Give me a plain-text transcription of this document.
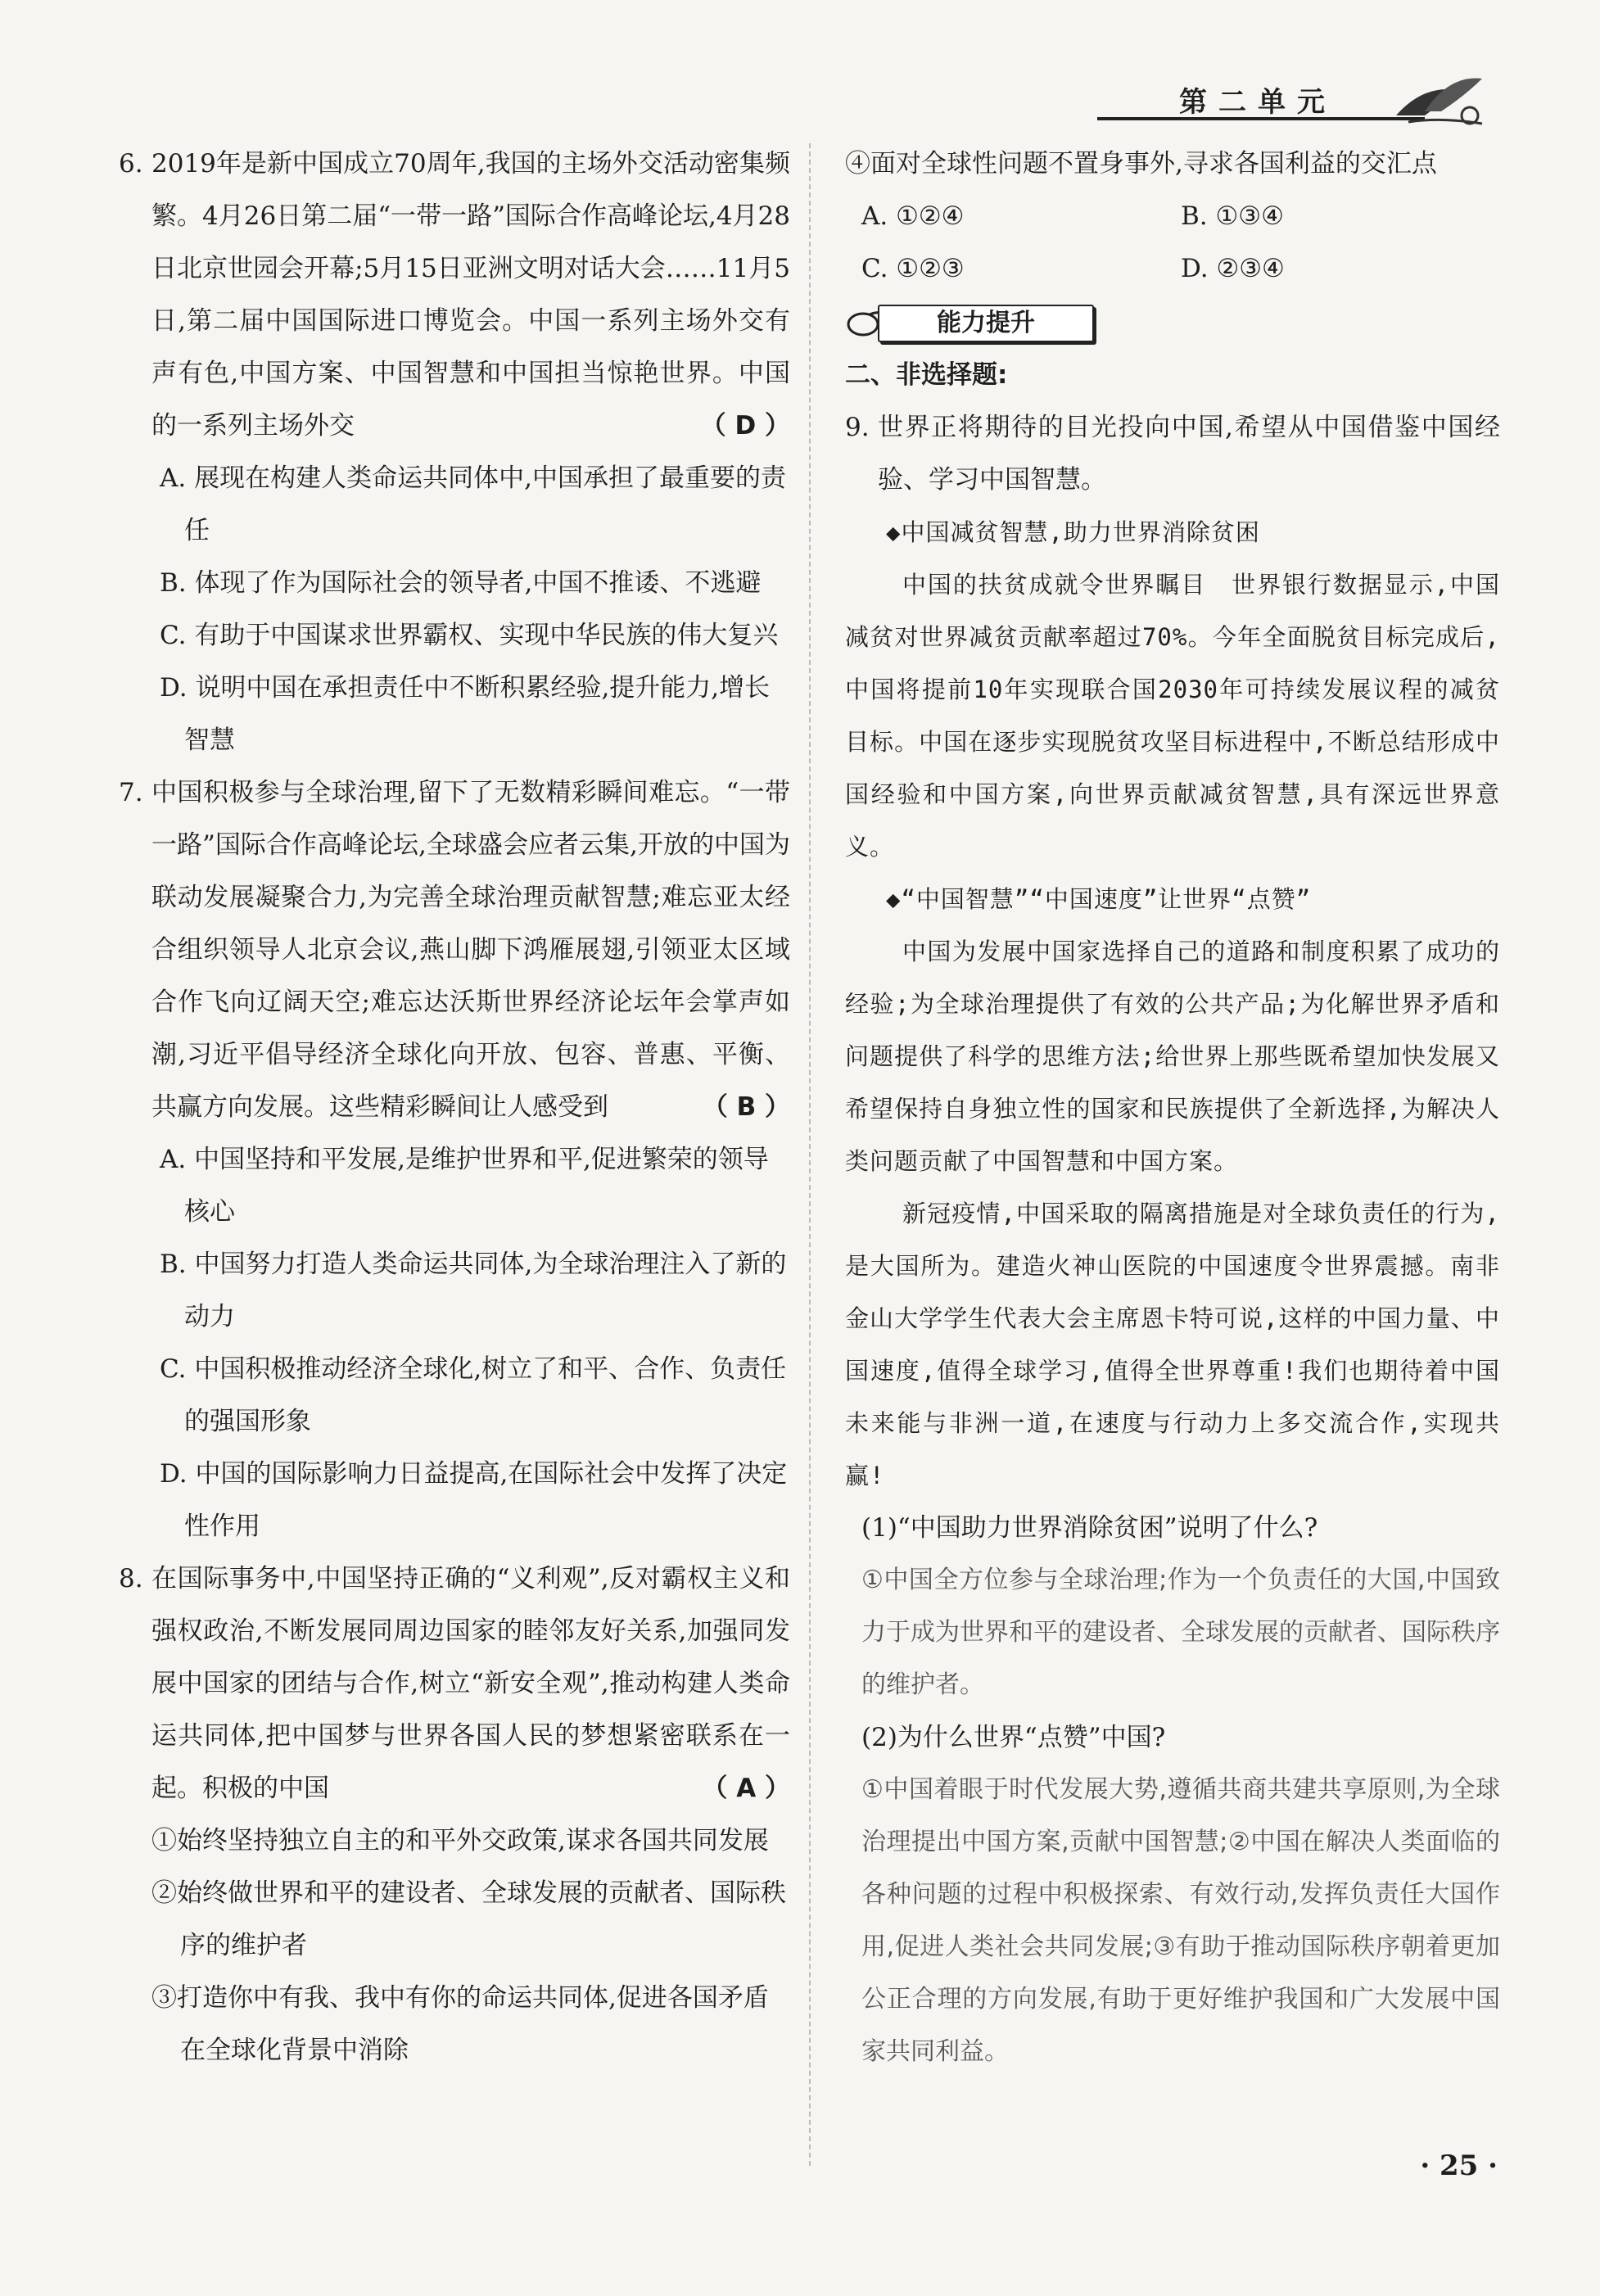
第二单元
6. 2019年是新中国成立70周年,我国的主场外交活动密集频繁。4月26日第二届“一带一路”国际合作高峰论坛,4月28日北京世园会开幕;5月15日亚洲文明对话大会……11月5日,第二届中国国际进口博览会。中国一系列主场外交有声有色,中国方案、中国智慧和中国担当惊艳世界。中国的一系列主场外交	（ D ）
A. 展现在构建人类命运共同体中,中国承担了最重要的责任
B. 体现了作为国际社会的领导者,中国不推诿、不逃避
C. 有助于中国谋求世界霸权、实现中华民族的伟大复兴
D. 说明中国在承担责任中不断积累经验,提升能力,增长智慧
7. 中国积极参与全球治理,留下了无数精彩瞬间难忘。“一带一路”国际合作高峰论坛,全球盛会应者云集,开放的中国为联动发展凝聚合力,为完善全球治理贡献智慧;难忘亚太经合组织领导人北京会议,燕山脚下鸿雁展翅,引领亚太区域合作飞向辽阔天空;难忘达沃斯世界经济论坛年会掌声如潮,习近平倡导经济全球化向开放、包容、普惠、平衡、共赢方向发展。这些精彩瞬间让人感受到	（ B ）
A. 中国坚持和平发展,是维护世界和平,促进繁荣的领导核心
B. 中国努力打造人类命运共同体,为全球治理注入了新的动力
C. 中国积极推动经济全球化,树立了和平、合作、负责任的强国形象
D. 中国的国际影响力日益提高,在国际社会中发挥了决定性作用
8. 在国际事务中,中国坚持正确的“义利观”,反对霸权主义和强权政治,不断发展同周边国家的睦邻友好关系,加强同发展中国家的团结与合作,树立“新安全观”,推动构建人类命运共同体,把中国梦与世界各国人民的梦想紧密联系在一起。积极的中国	（ A ）
①始终坚持独立自主的和平外交政策,谋求各国共同发展
②始终做世界和平的建设者、全球发展的贡献者、国际秩序的维护者
③打造你中有我、我中有你的命运共同体,促进各国矛盾在全球化背景中消除
④面对全球性问题不置身事外,寻求各国利益的交汇点
A. ①②④	B. ①③④
C. ①②③	D. ②③④
能力提升
二、非选择题:
9. 世界正将期待的目光投向中国,希望从中国借鉴中国经验、学习中国智慧。
◆中国减贫智慧,助力世界消除贫困
中国的扶贫成就令世界瞩目　世界银行数据显示,中国减贫对世界减贫贡献率超过70%。今年全面脱贫目标完成后,中国将提前10年实现联合国2030年可持续发展议程的减贫目标。中国在逐步实现脱贫攻坚目标进程中,不断总结形成中国经验和中国方案,向世界贡献减贫智慧,具有深远世界意义。
◆“中国智慧”“中国速度”让世界“点赞”
中国为发展中国家选择自己的道路和制度积累了成功的经验;为全球治理提供了有效的公共产品;为化解世界矛盾和问题提供了科学的思维方法;给世界上那些既希望加快发展又希望保持自身独立性的国家和民族提供了全新选择,为解决人类问题贡献了中国智慧和中国方案。
新冠疫情,中国采取的隔离措施是对全球负责任的行为,是大国所为。建造火神山医院的中国速度令世界震撼。南非金山大学学生代表大会主席恩卡特可说,这样的中国力量、中国速度,值得全球学习,值得全世界尊重!我们也期待着中国未来能与非洲一道,在速度与行动力上多交流合作,实现共赢!
(1)“中国助力世界消除贫困”说明了什么?
①中国全方位参与全球治理;作为一个负责任的大国,中国致力于成为世界和平的建设者、全球发展的贡献者、国际秩序的维护者。
(2)为什么世界“点赞”中国?
①中国着眼于时代发展大势,遵循共商共建共享原则,为全球治理提出中国方案,贡献中国智慧;②中国在解决人类面临的各种问题的过程中积极探索、有效行动,发挥负责任大国作用,促进人类社会共同发展;③有助于推动国际秩序朝着更加公正合理的方向发展,有助于更好维护我国和广大发展中国家共同利益。
· 25 ·
